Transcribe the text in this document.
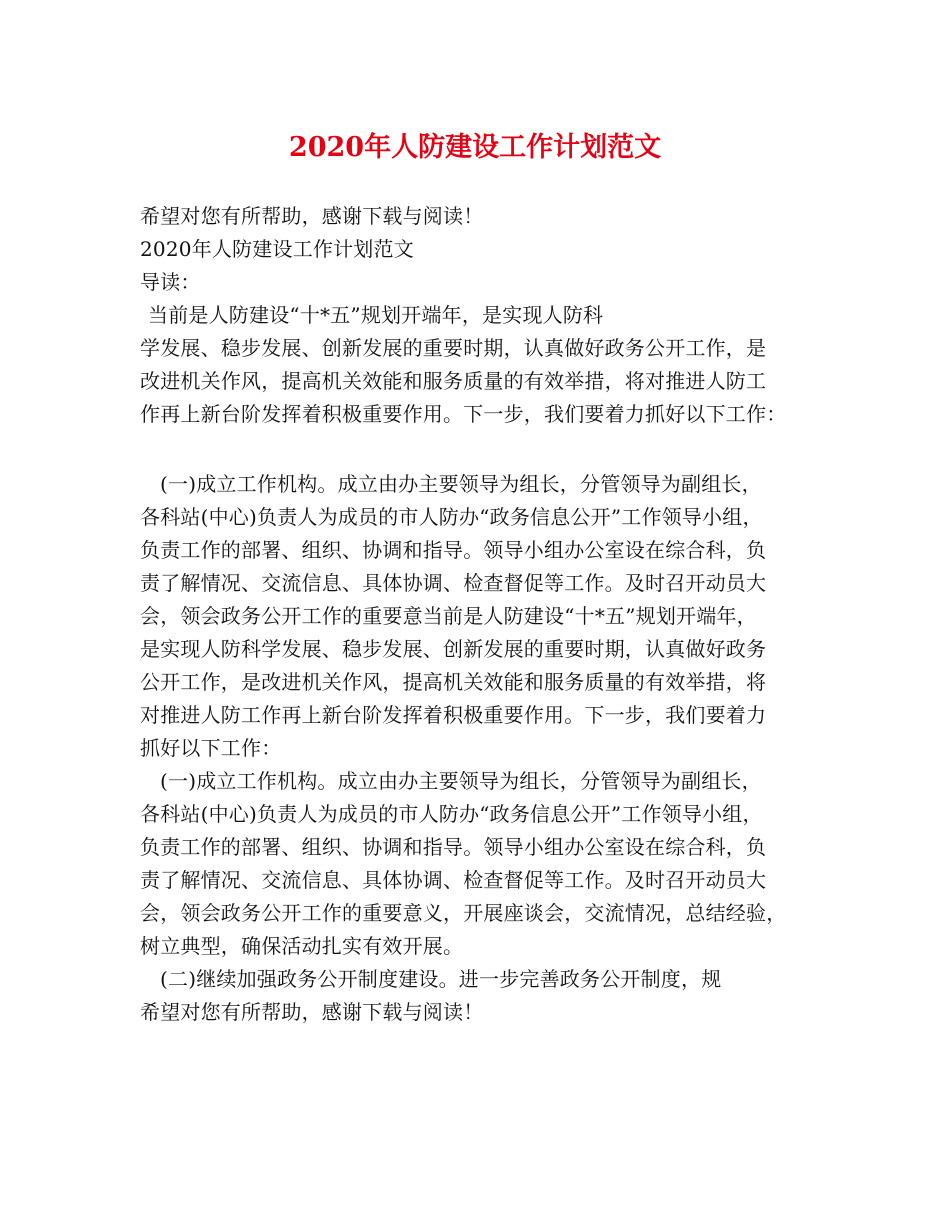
2020年人防建设工作计划范文
希望对您有所帮助，感谢下载与阅读！
2020年人防建设工作计划范文
导读：
当前是人防建设“十*五”规划开端年，是实现人防科
学发展、稳步发展、创新发展的重要时期，认真做好政务公开工作，是
改进机关作风，提高机关效能和服务质量的有效举措，将对推进人防工
作再上新台阶发挥着积极重要作用。下一步，我们要着力抓好以下工作：
(一)成立工作机构。成立由办主要领导为组长，分管领导为副组长，
各科站(中心)负责人为成员的市人防办“政务信息公开”工作领导小组，
负责工作的部署、组织、协调和指导。领导小组办公室设在综合科，负
责了解情况、交流信息、具体协调、检查督促等工作。及时召开动员大
会，领会政务公开工作的重要意当前是人防建设“十*五”规划开端年，
是实现人防科学发展、稳步发展、创新发展的重要时期，认真做好政务
公开工作，是改进机关作风，提高机关效能和服务质量的有效举措，将
对推进人防工作再上新台阶发挥着积极重要作用。下一步，我们要着力
抓好以下工作：
(一)成立工作机构。成立由办主要领导为组长，分管领导为副组长，
各科站(中心)负责人为成员的市人防办“政务信息公开”工作领导小组，
负责工作的部署、组织、协调和指导。领导小组办公室设在综合科，负
责了解情况、交流信息、具体协调、检查督促等工作。及时召开动员大
会，领会政务公开工作的重要意义，开展座谈会，交流情况，总结经验，
树立典型，确保活动扎实有效开展。
(二)继续加强政务公开制度建设。进一步完善政务公开制度，规
希望对您有所帮助，感谢下载与阅读！
